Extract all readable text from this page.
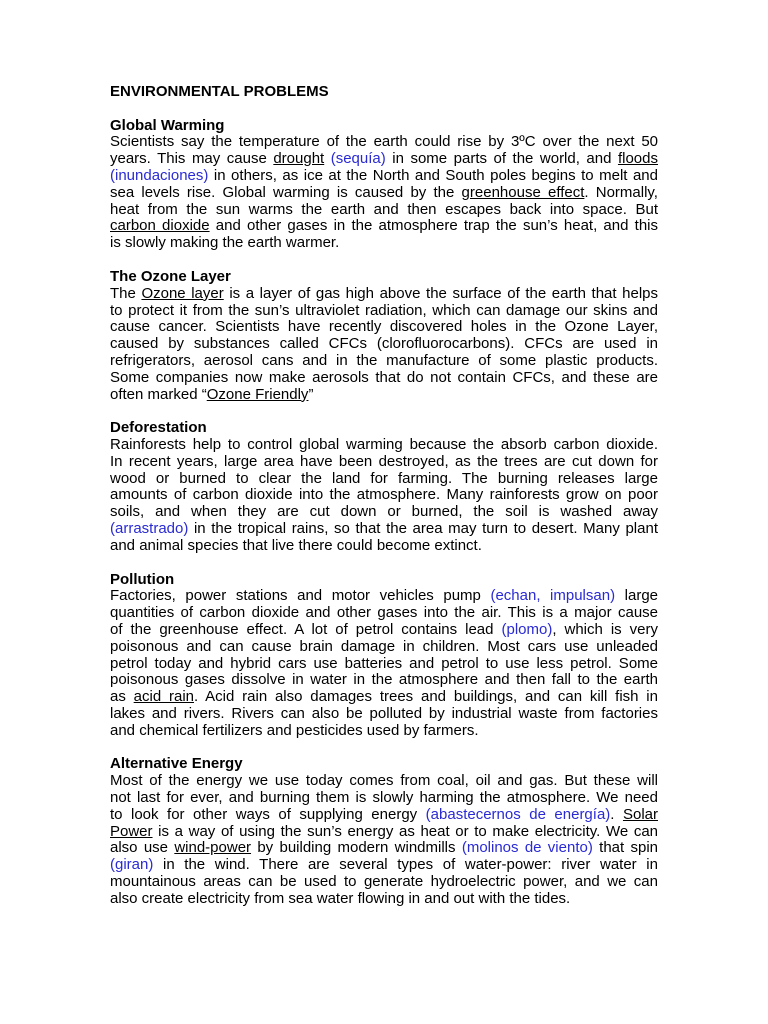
ENVIRONMENTAL PROBLEMS
Global Warming
Scientists say the temperature of the earth could rise by 3ºC over the next 50
years. This may cause drought (sequía) in some parts of the world, and floods
(inundaciones) in others, as ice at the North and South poles begins to melt and
sea levels rise. Global warming is caused by the greenhouse effect. Normally,
heat from the sun warms the earth and then escapes back into space. But
carbon dioxide and other gases in the atmosphere trap the sun’s heat, and this
is slowly making the earth warmer.
The Ozone Layer
The Ozone layer is a layer of gas high above the surface of the earth that helps
to protect it from the sun’s ultraviolet radiation, which can damage our skins and
cause cancer. Scientists have recently discovered holes in the Ozone Layer,
caused by substances called CFCs (clorofluorocarbons). CFCs are used in
refrigerators, aerosol cans and in the manufacture of some plastic products.
Some companies now make aerosols that do not contain CFCs, and these are
often marked “Ozone Friendly”
Deforestation
Rainforests help to control global warming because the absorb carbon dioxide.
In recent years, large area have been destroyed, as the trees are cut down for
wood or burned to clear the land for farming. The burning releases large
amounts of carbon dioxide into the atmosphere. Many rainforests grow on poor
soils, and when they are cut down or burned, the soil is washed away
(arrastrado) in the tropical rains, so that the area may turn to desert. Many plant
and animal species that live there could become extinct.
Pollution
Factories, power stations and motor vehicles pump (echan, impulsan) large
quantities of carbon dioxide and other gases into the air. This is a major cause
of the greenhouse effect. A lot of petrol contains lead (plomo), which is very
poisonous and can cause brain damage in children. Most cars use unleaded
petrol today and hybrid cars use batteries and petrol to use less petrol. Some
poisonous gases dissolve in water in the atmosphere and then fall to the earth
as acid rain. Acid rain also damages trees and buildings, and can kill fish in
lakes and rivers. Rivers can also be polluted by industrial waste from factories
and chemical fertilizers and pesticides used by farmers.
Alternative Energy
Most of the energy we use today comes from coal, oil and gas. But these will
not last for ever, and burning them is slowly harming the atmosphere. We need
to look for other ways of supplying energy (abastecernos de energía). Solar
Power is a way of using the sun’s energy as heat or to make electricity. We can
also use wind-power by building modern windmills (molinos de viento) that spin
(giran) in the wind. There are several types of water-power: river water in
mountainous areas can be used to generate hydroelectric power, and we can
also create electricity from sea water flowing in and out with the tides.
